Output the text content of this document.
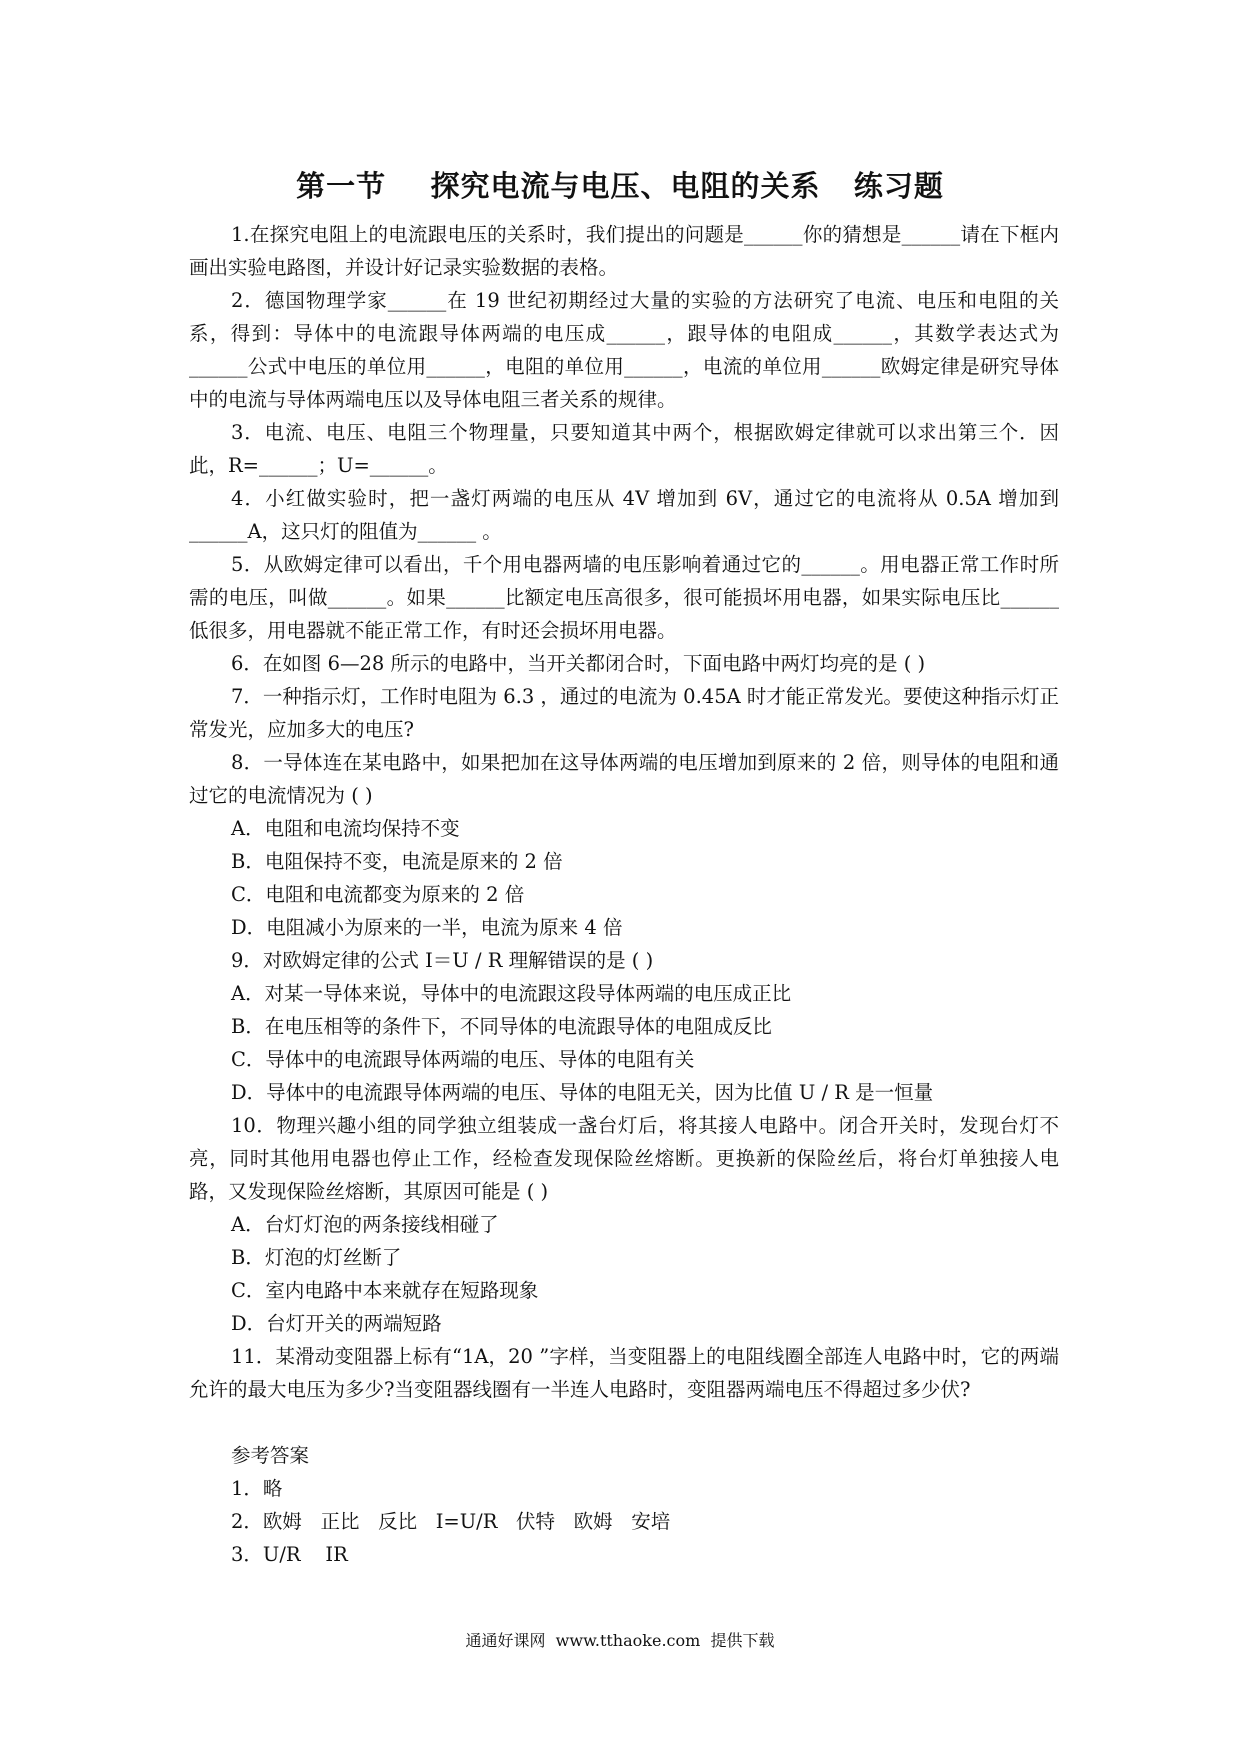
第一节    探究电流与电压、电阻的关系   练习题

1.在探究电阻上的电流跟电压的关系时，我们提出的问题是______你的猜想是______请在下框内画出实验电路图，并设计好记录实验数据的表格。

2．德国物理学家______在 19 世纪初期经过大量的实验的方法研究了电流、电压和电阻的关系，得到：导体中的电流跟导体两端的电压成______，跟导体的电阻成______，其数学表达式为______公式中电压的单位用______，电阻的单位用______，电流的单位用______欧姆定律是研究导体中的电流与导体两端电压以及导体电阻三者关系的规律。

3．电流、电压、电阻三个物理量，只要知道其中两个，根据欧姆定律就可以求出第三个．因此，R=______；U=______。

4．小红做实验时，把一盏灯两端的电压从 4V 增加到 6V，通过它的电流将从 0.5A 增加到______A，这只灯的阻值为______ 。

5．从欧姆定律可以看出，千个用电器两墙的电压影响着通过它的______。用电器正常工作时所需的电压，叫做______。如果______比额定电压高很多，很可能损坏用电器，如果实际电压比______低很多，用电器就不能正常工作，有时还会损坏用电器。

6．在如图 6—28 所示的电路中，当开关都闭合时，下面电路中两灯均亮的是 ( )

7．一种指示灯，工作时电阻为 6.3 ，通过的电流为 0.45A 时才能正常发光。要使这种指示灯正常发光，应加多大的电压?

8．一导体连在某电路中，如果把加在这导体两端的电压增加到原来的 2 倍，则导体的电阻和通过它的电流情况为 ( )

A．电阻和电流均保持不变

B．电阻保持不变，电流是原来的 2 倍

C．电阻和电流都变为原来的 2 倍

D．电阻减小为原来的一半，电流为原来 4 倍

9．对欧姆定律的公式 I＝U / R 理解错误的是 ( )

A．对某一导体来说，导体中的电流跟这段导体两端的电压成正比

B．在电压相等的条件下，不同导体的电流跟导体的电阻成反比

C．导体中的电流跟导体两端的电压、导体的电阻有关

D．导体中的电流跟导体两端的电压、导体的电阻无关，因为比值 U / R 是一恒量

10．物理兴趣小组的同学独立组装成一盏台灯后，将其接人电路中。闭合开关时，发现台灯不亮，同时其他用电器也停止工作，经检查发现保险丝熔断。更换新的保险丝后，将台灯单独接人电路，又发现保险丝熔断，其原因可能是 ( )

A．台灯灯泡的两条接线相碰了

B．灯泡的灯丝断了

C．室内电路中本来就存在短路现象

D．台灯开关的两端短路

11．某滑动变阻器上标有“1A，20 ”字样，当变阻器上的电阻线圈全部连人电路中时，它的两端允许的最大电压为多少?当变阻器线圈有一半连人电路时，变阻器两端电压不得超过多少伏?

参考答案

1．略

2．欧姆   正比   反比   I=U/R   伏特   欧姆   安培

3．U/R    IR

通通好课网  www.tthaoke.com  提供下载
